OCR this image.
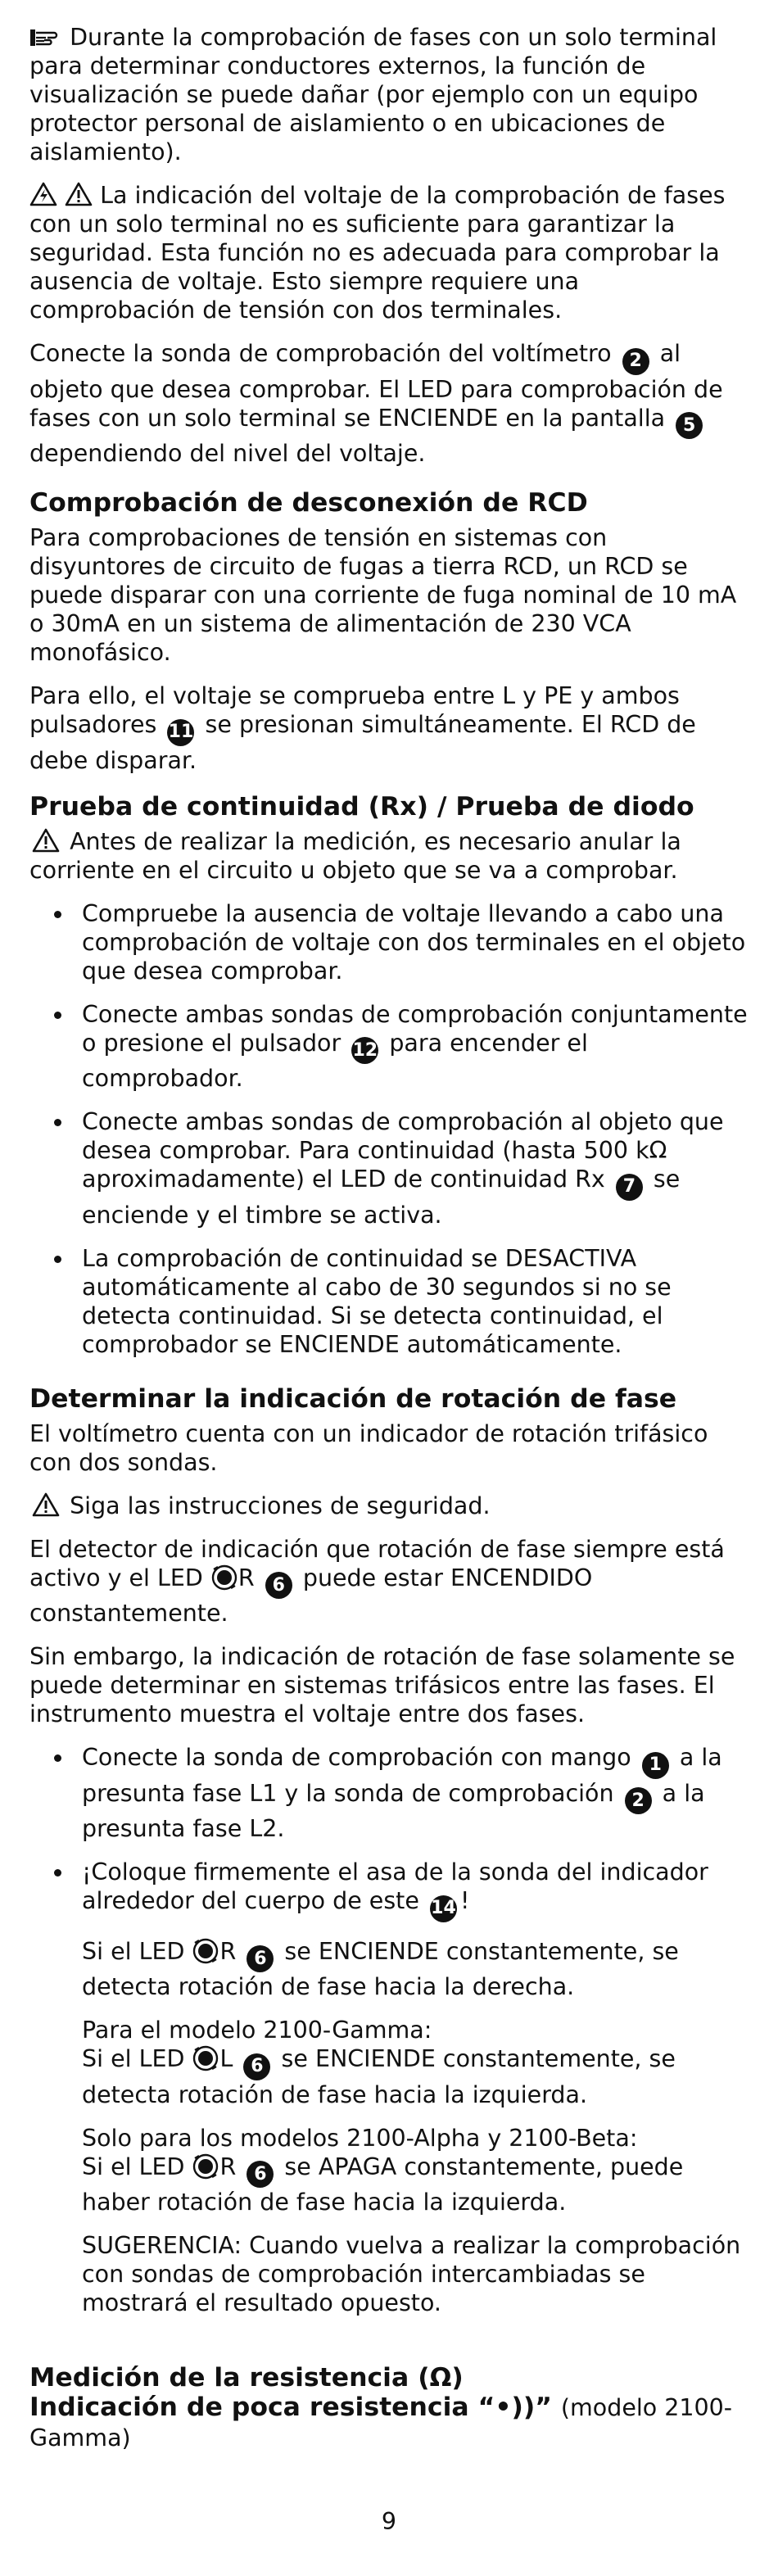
Durante la comprobación de fases con un solo terminal para determinar conductores externos, la función de visualización se puede dañar (por ejemplo con un equipo protector personal de aislamiento o en ubicaciones de aislamiento).

La indicación del voltaje de la comprobación de fases con un solo terminal no es suficiente para garantizar la seguridad. Esta función no es adecuada para comprobar la ausencia de voltaje. Esto siempre requiere una comprobación de tensión con dos terminales.

Conecte la sonda de comprobación del voltímetro 2 al objeto que desea comprobar. El LED para comprobación de fases con un solo terminal se ENCIENDE en la pantalla 5 dependiendo del nivel del voltaje.

Comprobación de desconexión de RCD

Para comprobaciones de tensión en sistemas con disyuntores de circuito de fugas a tierra RCD, un RCD se puede disparar con una corriente de fuga nominal de 10 mA o 30mA en un sistema de alimentación de 230 VCA monofásico.

Para ello, el voltaje se comprueba entre L y PE y ambos pulsadores 11 se presionan simultáneamente. El RCD de debe disparar.

Prueba de continuidad (Rx) / Prueba de diodo

Antes de realizar la medición, es necesario anular la corriente en el circuito u objeto que se va a comprobar.

Compruebe la ausencia de voltaje llevando a cabo una comprobación de voltaje con dos terminales en el objeto que desea comprobar.
Conecte ambas sondas de comprobación conjuntamente o presione el pulsador 12 para encender el comprobador.
Conecte ambas sondas de comprobación al objeto que desea comprobar. Para continuidad (hasta 500 kΩ aproximadamente) el LED de continuidad Rx 7 se enciende y el timbre se activa.
La comprobación de continuidad se DESACTIVA automáticamente al cabo de 30 segundos si no se detecta continuidad. Si se detecta continuidad, el comprobador se ENCIENDE automáticamente.
Determinar la indicación de rotación de fase

El voltímetro cuenta con un indicador de rotación trifásico con dos sondas.

Siga las instrucciones de seguridad.

El detector de indicación que rotación de fase siempre está activo y el LED R 6 puede estar ENCENDIDO constantemente.

Sin embargo, la indicación de rotación de fase solamente se puede determinar en sistemas trifásicos entre las fases. El instrumento muestra el voltaje entre dos fases.

Conecte la sonda de comprobación con mango 1 a la presunta fase L1 y la sonda de comprobación 2 a la presunta fase L2.
¡Coloque firmemente el asa de la sonda del indicador alrededor del cuerpo de este 14 !

Si el LED R 6 se ENCIENDE constantemente, se detecta rotación de fase hacia la derecha.

Para el modelo 2100-Gamma:
Si el LED L 6 se ENCIENDE constantemente, se detecta rotación de fase hacia la izquierda.

Solo para los modelos 2100-Alpha y 2100-Beta:
Si el LED R 6 se APAGA constantemente, puede haber rotación de fase hacia la izquierda.

SUGERENCIA: Cuando vuelva a realizar la comprobación con sondas de comprobación intercambiadas se mostrará el resultado opuesto.

Medición de la resistencia (Ω)
Indicación de poca resistencia “•))” (modelo 2100-Gamma)
9
